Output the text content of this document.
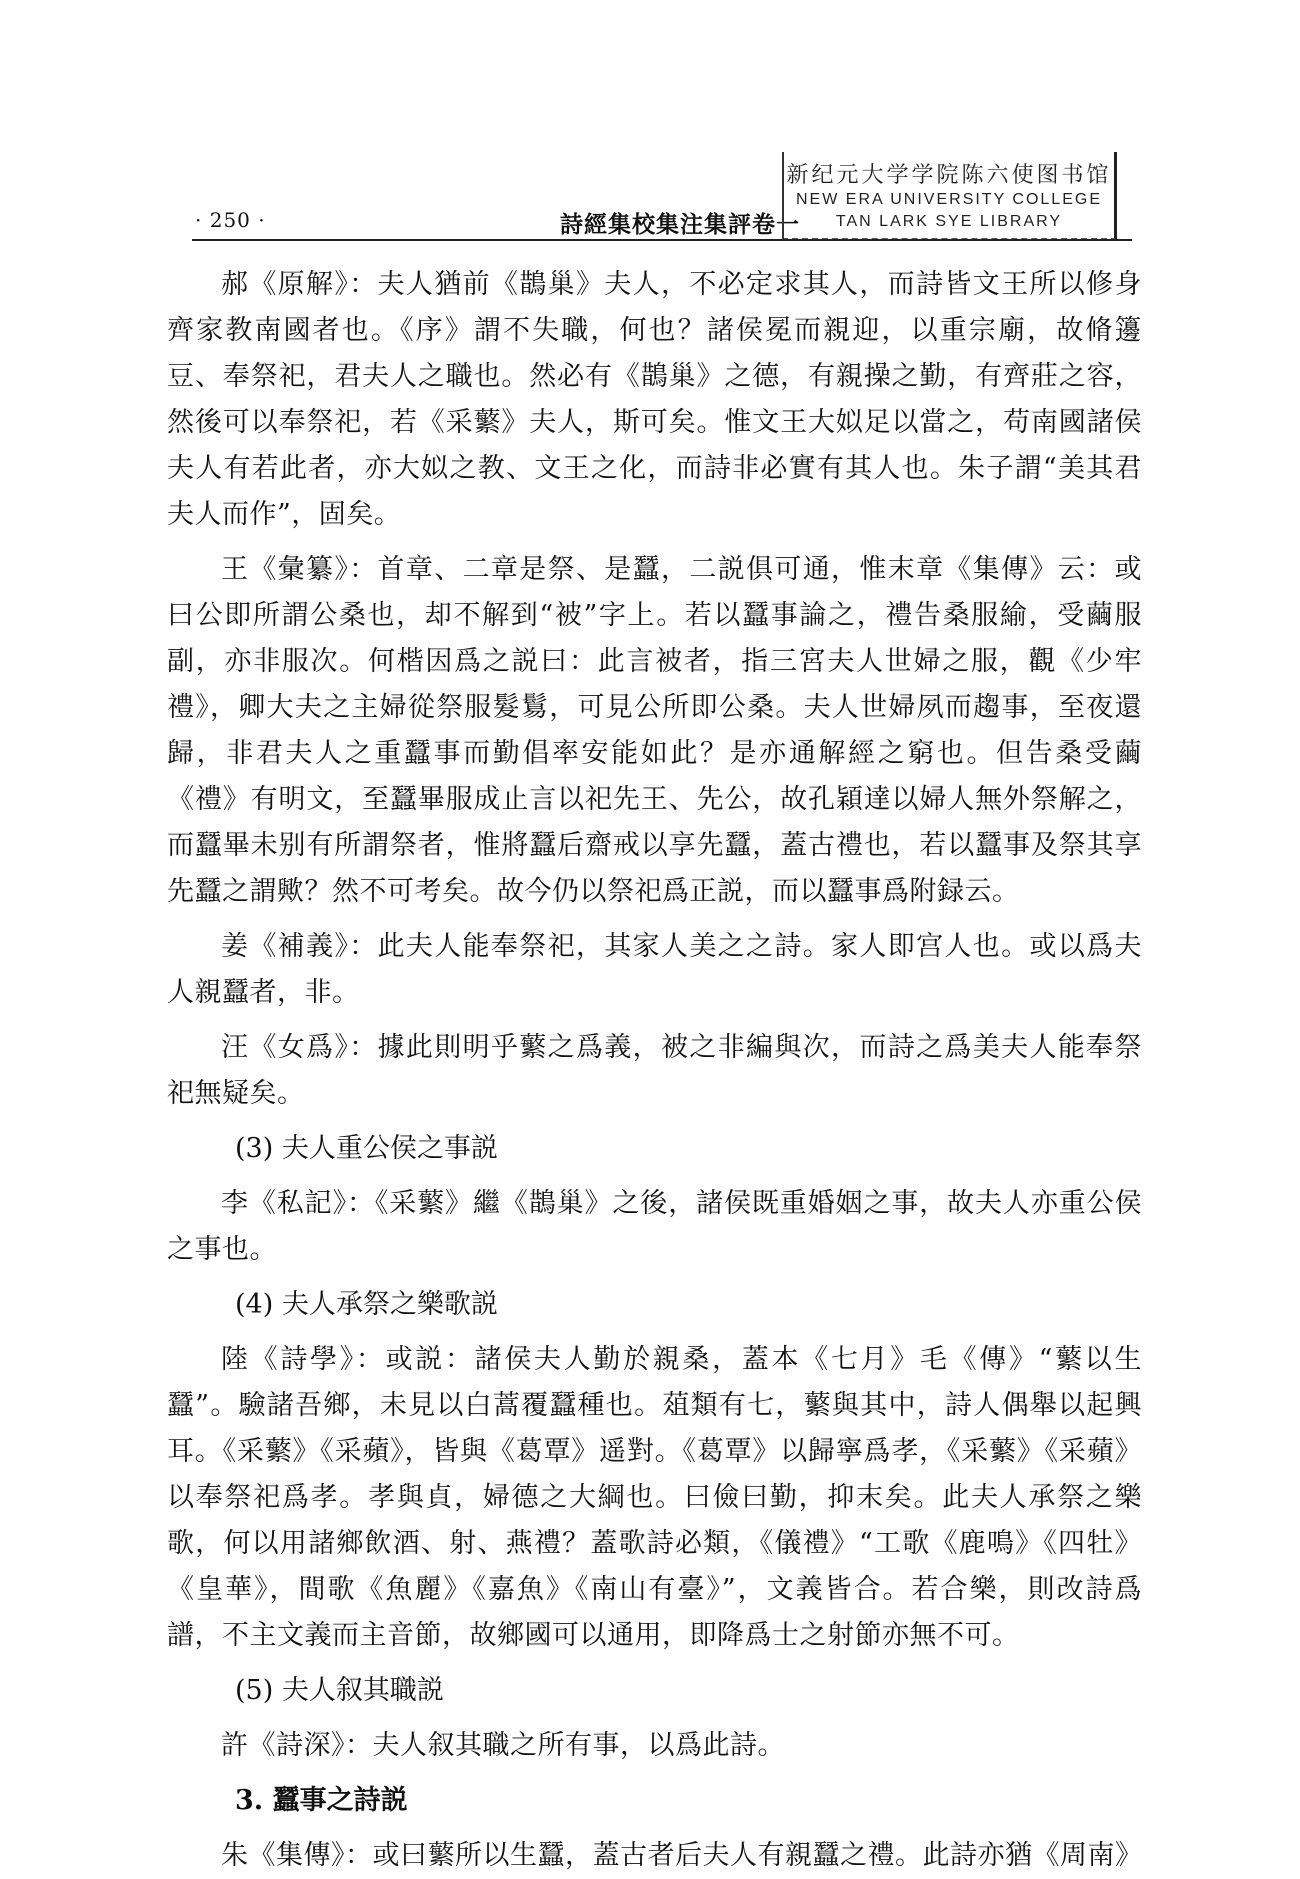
· 250 ·	詩經集校集注集評卷一
新纪元大学学院陈六使图书馆
NEW ERA UNIVERSITY COLLEGE
TAN LARK SYE LIBRARY

郝《原解》：夫人猶前《鵲巢》夫人，不必定求其人，而詩皆文王所以修身齊家教南國者也。《序》謂不失職，何也？諸侯冕而親迎，以重宗廟，故脩籩豆、奉祭祀，君夫人之職也。然必有《鵲巢》之德，有親操之勤，有齊莊之容，然後可以奉祭祀，若《采蘩》夫人，斯可矣。惟文王大姒足以當之，苟南國諸侯夫人有若此者，亦大姒之教、文王之化，而詩非必實有其人也。朱子謂“美其君夫人而作”，固矣。

王《彙纂》：首章、二章是祭、是蠶，二説俱可通，惟末章《集傳》云：或曰公即所謂公桑也，却不解到“被”字上。若以蠶事論之，禮告桑服緰，受繭服副，亦非服次。何楷因爲之説曰：此言被者，指三宮夫人世婦之服，觀《少牢禮》，卿大夫之主婦從祭服髮鬄，可見公所即公桑。夫人世婦夙而趨事，至夜還歸，非君夫人之重蠶事而勤倡率安能如此？是亦通解經之窮也。但告桑受繭《禮》有明文，至蠶畢服成止言以祀先王、先公，故孔穎達以婦人無外祭解之，而蠶畢未别有所謂祭者，惟將蠶后齋戒以享先蠶，蓋古禮也，若以蠶事及祭其享先蠶之謂歟？然不可考矣。故今仍以祭祀爲正説，而以蠶事爲附録云。

姜《補義》：此夫人能奉祭祀，其家人美之之詩。家人即宫人也。或以爲夫人親蠶者，非。

汪《女爲》：據此則明乎蘩之爲義，被之非編與次，而詩之爲美夫人能奉祭祀無疑矣。

(3) 夫人重公侯之事説

李《私記》：《采蘩》繼《鵲巢》之後，諸侯既重婚姻之事，故夫人亦重公侯之事也。

(4) 夫人承祭之樂歌説

陸《詩學》：或説：諸侯夫人勤於親桑，蓋本《七月》毛《傳》“蘩以生蠶”。驗諸吾鄉，未見以白蒿覆蠶種也。葅類有七，蘩與其中，詩人偶舉以起興耳。《采蘩》《采蘋》，皆與《葛覃》遥對。《葛覃》以歸寧爲孝，《采蘩》《采蘋》以奉祭祀爲孝。孝與貞，婦德之大綱也。曰儉曰勤，抑末矣。此夫人承祭之樂歌，何以用諸鄉飲酒、射、燕禮？蓋歌詩必類，《儀禮》“工歌《鹿鳴》《四牡》《皇華》，間歌《魚麗》《嘉魚》《南山有臺》”，文義皆合。若合樂，則改詩爲譜，不主文義而主音節，故鄉國可以通用，即降爲士之射節亦無不可。

(5) 夫人叙其職説

許《詩深》：夫人叙其職之所有事，以爲此詩。

3. 蠶事之詩説

朱《集傳》：或曰蘩所以生蠶，蓋古者后夫人有親蠶之禮。此詩亦猶《周南》
